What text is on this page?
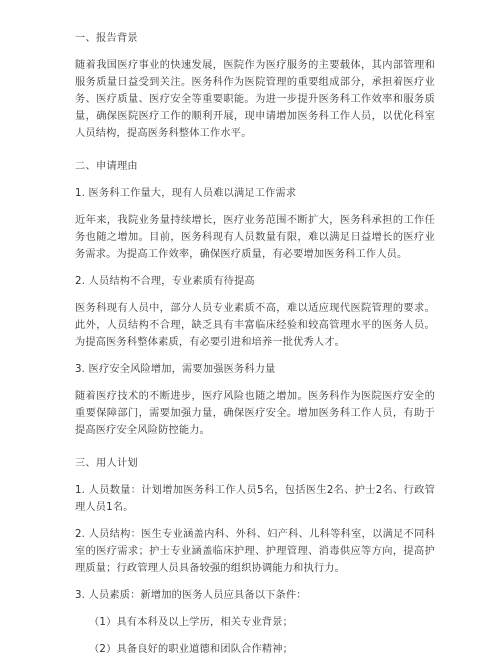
一、报告背景
随着我国医疗事业的快速发展，医院作为医疗服务的主要载体，其内部管理和服务质量日益受到关注。医务科作为医院管理的重要组成部分，承担着医疗业务、医疗质量、医疗安全等重要职能。为进一步提升医务科工作效率和服务质量，确保医院医疗工作的顺利开展，现申请增加医务科工作人员，以优化科室人员结构，提高医务科整体工作水平。
二、申请理由
1. 医务科工作量大，现有人员难以满足工作需求
近年来，我院业务量持续增长，医疗业务范围不断扩大，医务科承担的工作任务也随之增加。目前，医务科现有人员数量有限，难以满足日益增长的医疗业务需求。为提高工作效率，确保医疗质量，有必要增加医务科工作人员。
2. 人员结构不合理，专业素质有待提高
医务科现有人员中，部分人员专业素质不高，难以适应现代医院管理的要求。此外，人员结构不合理，缺乏具有丰富临床经验和较高管理水平的医务人员。为提高医务科整体素质，有必要引进和培养一批优秀人才。
3. 医疗安全风险增加，需要加强医务科力量
随着医疗技术的不断进步，医疗风险也随之增加。医务科作为医院医疗安全的重要保障部门，需要加强力量，确保医疗安全。增加医务科工作人员，有助于提高医疗安全风险防控能力。
三、用人计划
1. 人员数量：计划增加医务科工作人员5名，包括医生2名、护士2名、行政管理人员1名。
2. 人员结构：医生专业涵盖内科、外科、妇产科、儿科等科室，以满足不同科室的医疗需求；护士专业涵盖临床护理、护理管理、消毒供应等方向，提高护理质量；行政管理人员具备较强的组织协调能力和执行力。
3. 人员素质：新增加的医务人员应具备以下条件：
（1）具有本科及以上学历，相关专业背景；
（2）具备良好的职业道德和团队合作精神；
